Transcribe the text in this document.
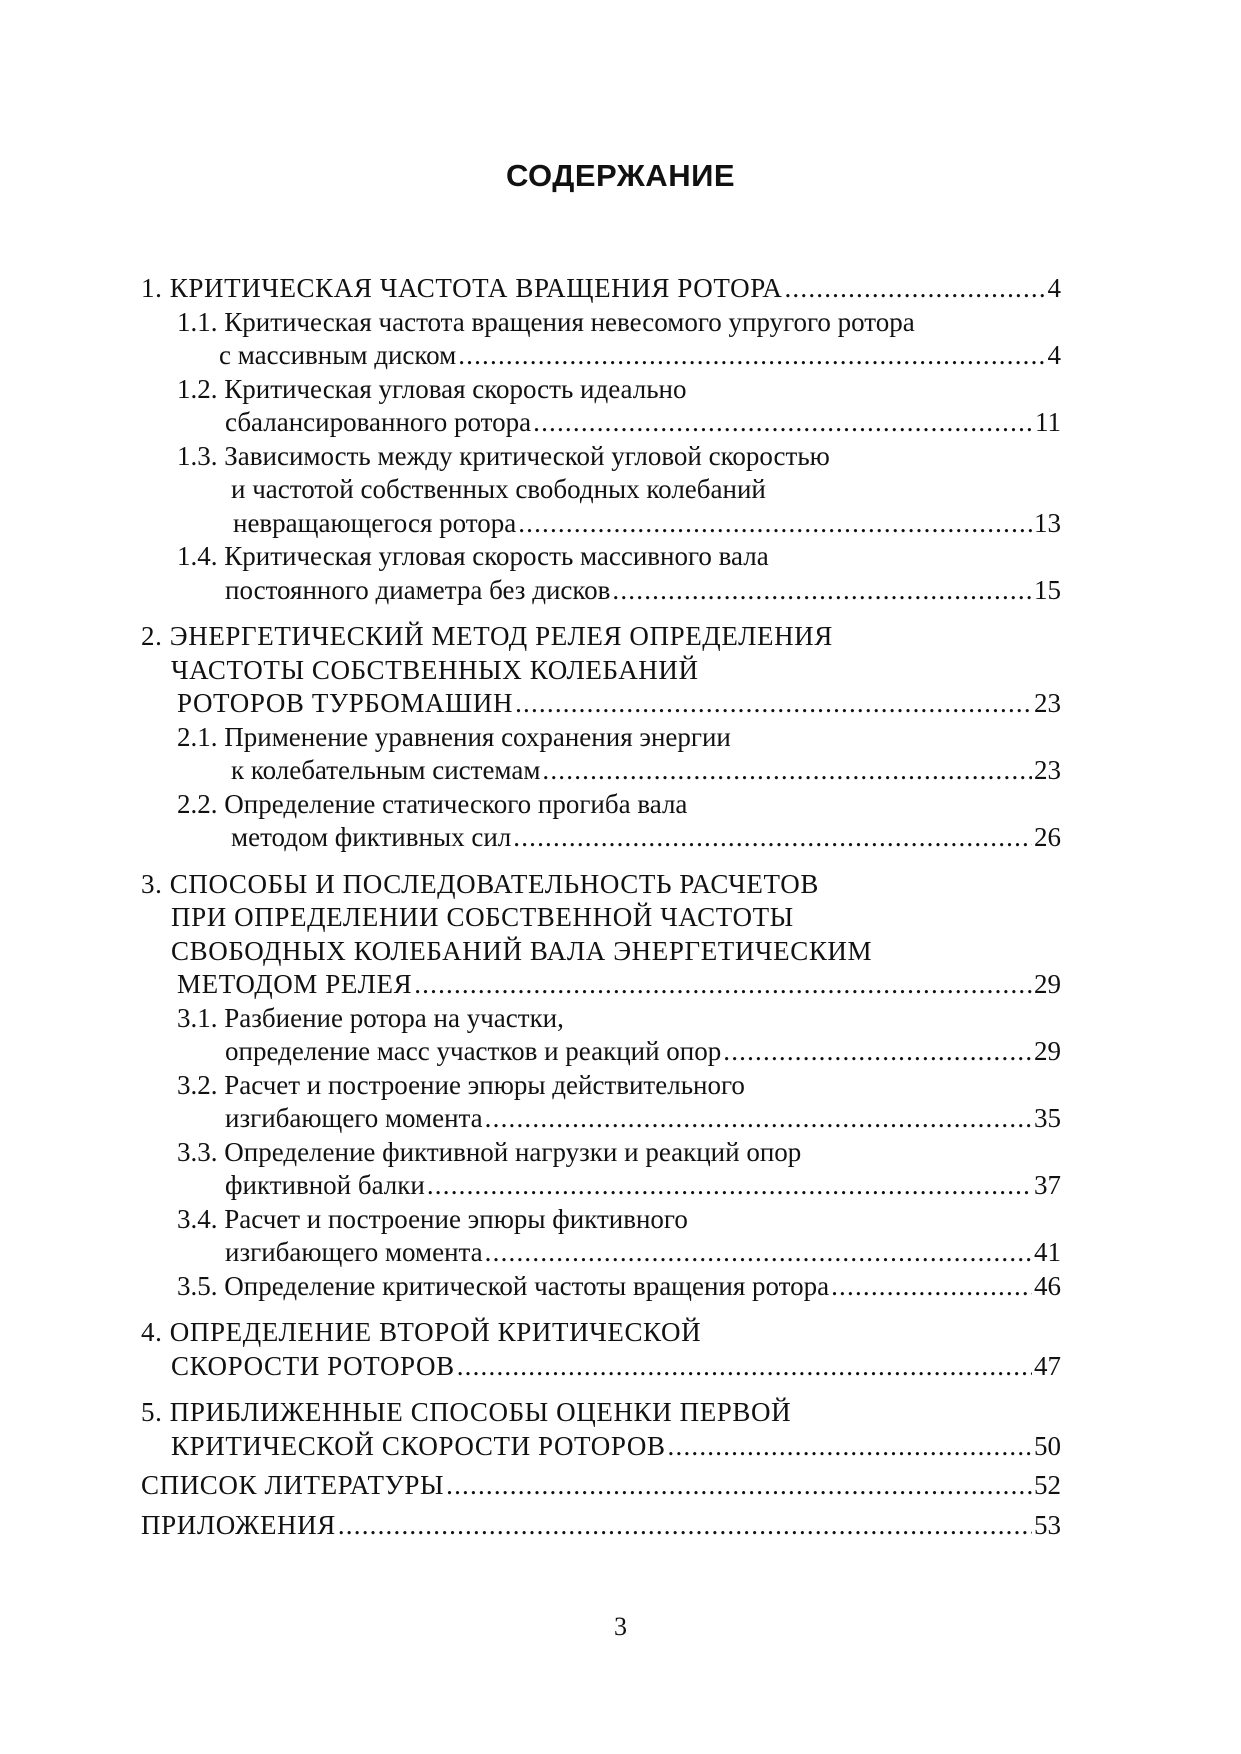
СОДЕРЖАНИЕ
1. КРИТИЧЕСКАЯ ЧАСТОТА ВРАЩЕНИЯ РОТОРА .....	4
1.1. Критическая частота вращения невесомого упругого ротора
с массивным диском .....	4
1.2. Критическая угловая скорость идеально
сбалансированного ротора .....	11
1.3. Зависимость между критической угловой скоростью
и частотой собственных свободных колебаний
невращающегося ротора .....	13
1.4. Критическая угловая скорость массивного вала
постоянного диаметра без дисков .....	15
2. ЭНЕРГЕТИЧЕСКИЙ МЕТОД РЕЛЕЯ ОПРЕДЕЛЕНИЯ
ЧАСТОТЫ СОБСТВЕННЫХ КОЛЕБАНИЙ
РОТОРОВ ТУРБОМАШИН .....	23
2.1. Применение уравнения сохранения энергии
к колебательным системам .....	23
2.2. Определение статического прогиба вала
методом фиктивных сил .....	26
3. СПОСОБЫ И ПОСЛЕДОВАТЕЛЬНОСТЬ РАСЧЕТОВ
ПРИ ОПРЕДЕЛЕНИИ СОБСТВЕННОЙ ЧАСТОТЫ
СВОБОДНЫХ КОЛЕБАНИЙ ВАЛА ЭНЕРГЕТИЧЕСКИМ
МЕТОДОМ РЕЛЕЯ .....	29
3.1. Разбиение ротора на участки,
определение масс участков и реакций опор .....	29
3.2. Расчет и построение эпюры действительного
изгибающего момента .....	35
3.3. Определение фиктивной нагрузки и реакций опор
фиктивной балки .....	37
3.4. Расчет и построение эпюры фиктивного
изгибающего момента .....	41
3.5. Определение критической частоты вращения ротора .....	46
4. ОПРЕДЕЛЕНИЕ ВТОРОЙ КРИТИЧЕСКОЙ
СКОРОСТИ РОТОРОВ .....	47
5. ПРИБЛИЖЕННЫЕ СПОСОБЫ ОЦЕНКИ ПЕРВОЙ
КРИТИЧЕСКОЙ СКОРОСТИ РОТОРОВ .....	50
СПИСОК ЛИТЕРАТУРЫ .....	52
ПРИЛОЖЕНИЯ .....	53
3
